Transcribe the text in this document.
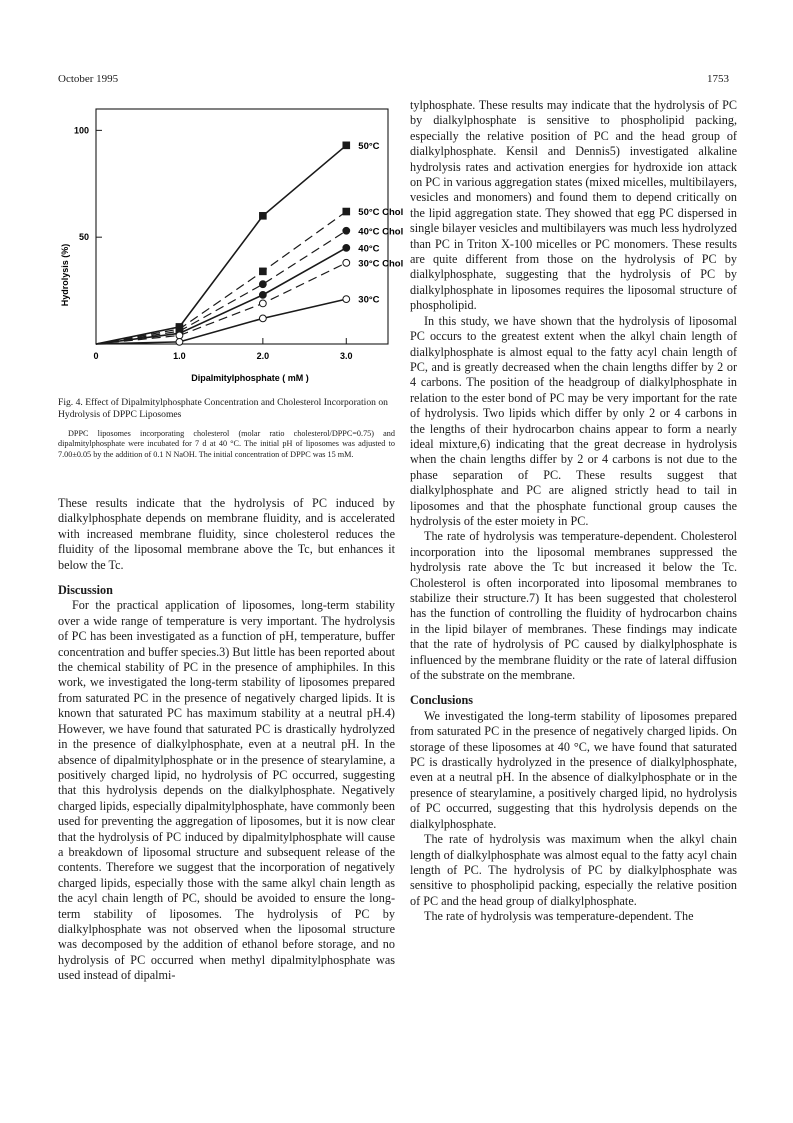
October 1995	1753
0	1.0	2.0	3.0
50
100
50°C
50°C Chol
40°C
40°C Chol
30°C Chol
30°C
Hydrolysis (%)
Dipalmitylphosphate ( mM )
Fig. 4. Effect of Dipalmitylphosphate Concentration and Cholesterol Incorporation on Hydrolysis of DPPC Liposomes
DPPC liposomes incorporating cholesterol (molar ratio cholesterol/DPPC=0.75) and dipalmitylphosphate were incubated for 7 d at 40 °C. The initial pH of liposomes was adjusted to 7.00±0.05 by the addition of 0.1 N NaOH. The initial concentration of DPPC was 15 mM.

These results indicate that the hydrolysis of PC induced by dialkylphosphate depends on membrane fluidity, and is accelerated with increased membrane fluidity, since cholesterol reduces the fluidity of the liposomal membrane above the Tc, but enhances it below the Tc.

Discussion

For the practical application of liposomes, long-term stability over a wide range of temperature is very important. The hydrolysis of PC has been investigated as a function of pH, temperature, buffer concentration and buffer species.3) But little has been reported about the chemical stability of PC in the presence of amphiphiles. In this work, we investigated the long-term stability of liposomes prepared from saturated PC in the presence of negatively charged lipids. It is known that saturated PC has maximum stability at a neutral pH.4) However, we have found that saturated PC is drastically hydrolyzed in the presence of dialkylphosphate, even at a neutral pH. In the absence of dipalmitylphosphate or in the presence of stearylamine, a positively charged lipid, no hydrolysis of PC occurred, suggesting that this hydrolysis depends on the dialkylphosphate. Negatively charged lipids, especially dipalmitylphosphate, have commonly been used for preventing the aggregation of liposomes, but it is now clear that the hydrolysis of PC induced by dipalmitylphosphate will cause a breakdown of liposomal structure and subsequent release of the contents. Therefore we suggest that the incorporation of negatively charged lipids, especially those with the same alkyl chain length as the acyl chain length of PC, should be avoided to ensure the long-term stability of liposomes. The hydrolysis of PC by dialkylphosphate was not observed when the liposomal structure was decomposed by the addition of ethanol before storage, and no hydrolysis of PC occurred when methyl dipalmitylphosphate was used instead of dipalmi-

tylphosphate. These results may indicate that the hydrolysis of PC by dialkylphosphate is sensitive to phospholipid packing, especially the relative position of PC and the head group of dialkylphosphate. Kensil and Dennis5) investigated alkaline hydrolysis rates and activation energies for hydroxide ion attack on PC in various aggregation states (mixed micelles, multibilayers, vesicles and monomers) and found them to depend critically on the lipid aggregation state. They showed that egg PC dispersed in single bilayer vesicles and multibilayers was much less hydrolyzed than PC in Triton X-100 micelles or PC monomers. These results are quite different from those on the hydrolysis of PC by dialkylphosphate, suggesting that the hydrolysis of PC by dialkylphosphate in liposomes requires the liposomal structure of phospholipid.

In this study, we have shown that the hydrolysis of liposomal PC occurs to the greatest extent when the alkyl chain length of dialkylphosphate is almost equal to the fatty acyl chain length of PC, and is greatly decreased when the chain lengths differ by 2 or 4 carbons. The position of the headgroup of dialkylphosphate in relation to the ester bond of PC may be very important for the rate of hydrolysis. Two lipids which differ by only 2 or 4 carbons in the lengths of their hydrocarbon chains appear to form a nearly ideal mixture,6) indicating that the great decrease in hydrolysis when the chain lengths differ by 2 or 4 carbons is not due to the phase separation of PC. These results suggest that dialkylphosphate and PC are aligned strictly head to tail in liposomes and that the phosphate functional group causes the hydrolysis of the ester moiety in PC.

The rate of hydrolysis was temperature-dependent. Cholesterol incorporation into the liposomal membranes suppressed the hydrolysis rate above the Tc but increased it below the Tc. Cholesterol is often incorporated into liposomal membranes to stabilize their structure.7) It has been suggested that cholesterol has the function of controlling the fluidity of hydrocarbon chains in the lipid bilayer of membranes. These findings may indicate that the rate of hydrolysis of PC caused by dialkylphosphate is influenced by the membrane fluidity or the rate of lateral diffusion of the substrate on the membrane.

Conclusions

We investigated the long-term stability of liposomes prepared from saturated PC in the presence of negatively charged lipids. On storage of these liposomes at 40 °C, we have found that saturated PC is drastically hydrolyzed in the presence of dialkylphosphate, even at a neutral pH. In the absence of dialkylphosphate or in the presence of stearylamine, a positively charged lipid, no hydrolysis of PC occurred, suggesting that this hydrolysis depends on the dialkylphosphate.

The rate of hydrolysis was maximum when the alkyl chain length of dialkylphosphate was almost equal to the fatty acyl chain length of PC. The hydrolysis of PC by dialkylphosphate was sensitive to phospholipid packing, especially the relative position of PC and the head group of dialkylphosphate.

The rate of hydrolysis was temperature-dependent. The
